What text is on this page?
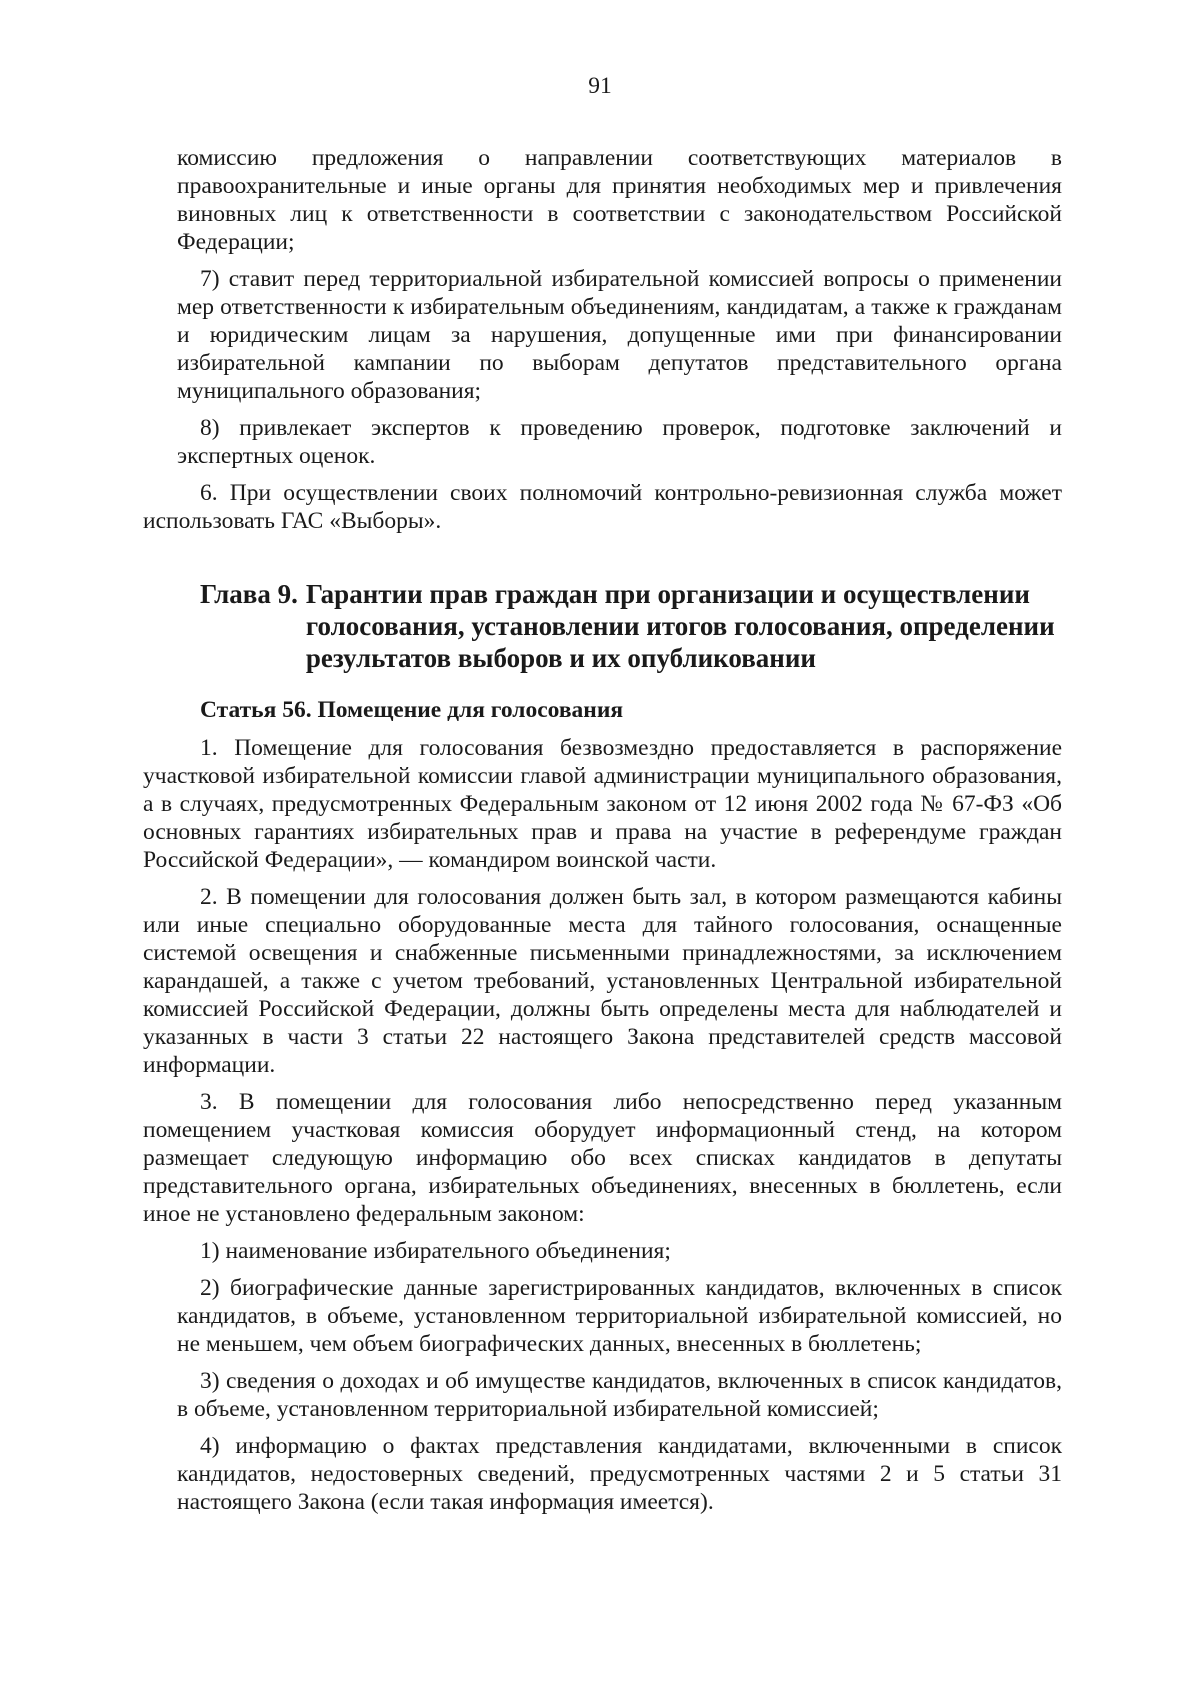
91

комиссию предложения о направлении соответствующих материалов в правоохранительные и иные органы для принятия необходимых мер и привлечения виновных лиц к ответственности в соответствии с законодательством Российской Федерации;

7) ставит перед территориальной избирательной комиссией вопросы о применении мер ответственности к избирательным объединениям, кандидатам, а также к гражданам и юридическим лицам за нарушения, допущенные ими при финансировании избирательной кампании по выборам депутатов представительного органа муниципального образования;

8) привлекает экспертов к проведению проверок, подготовке заключений и экспертных оценок.

6. При осуществлении своих полномочий контрольно-ревизионная служба может использовать ГАС «Выборы».

Глава 9. Гарантии прав граждан при организации и осуществлении голосования, установлении итогов голосования, определении результатов выборов и их опубликовании
Статья 56. Помещение для голосования

1. Помещение для голосования безвозмездно предоставляется в распоряжение участковой избирательной комиссии главой администрации муниципального образования, а в случаях, предусмотренных Федеральным законом от 12 июня 2002 года № 67-ФЗ «Об основных гарантиях избирательных прав и права на участие в референдуме граждан Российской Федерации», — командиром воинской части.

2. В помещении для голосования должен быть зал, в котором размещаются кабины или иные специально оборудованные места для тайного голосования, оснащенные системой освещения и снабженные письменными принадлежностями, за исключением карандашей, а также с учетом требований, установленных Центральной избирательной комиссией Российской Федерации, должны быть определены места для наблюдателей и указанных в части 3 статьи 22 настоящего Закона представителей средств массовой информации.

3. В помещении для голосования либо непосредственно перед указанным помещением участковая комиссия оборудует информационный стенд, на котором размещает следующую информацию обо всех списках кандидатов в депутаты представительного органа, избирательных объединениях, внесенных в бюллетень, если иное не установлено федеральным законом:

1) наименование избирательного объединения;

2) биографические данные зарегистрированных кандидатов, включенных в список кандидатов, в объеме, установленном территориальной избирательной комиссией, но не меньшем, чем объем биографических данных, внесенных в бюллетень;

3) сведения о доходах и об имуществе кандидатов, включенных в список кандидатов, в объеме, установленном территориальной избирательной комиссией;

4) информацию о фактах представления кандидатами, включенными в список кандидатов, недостоверных сведений, предусмотренных частями 2 и 5 статьи 31 настоящего Закона (если такая информация имеется).
